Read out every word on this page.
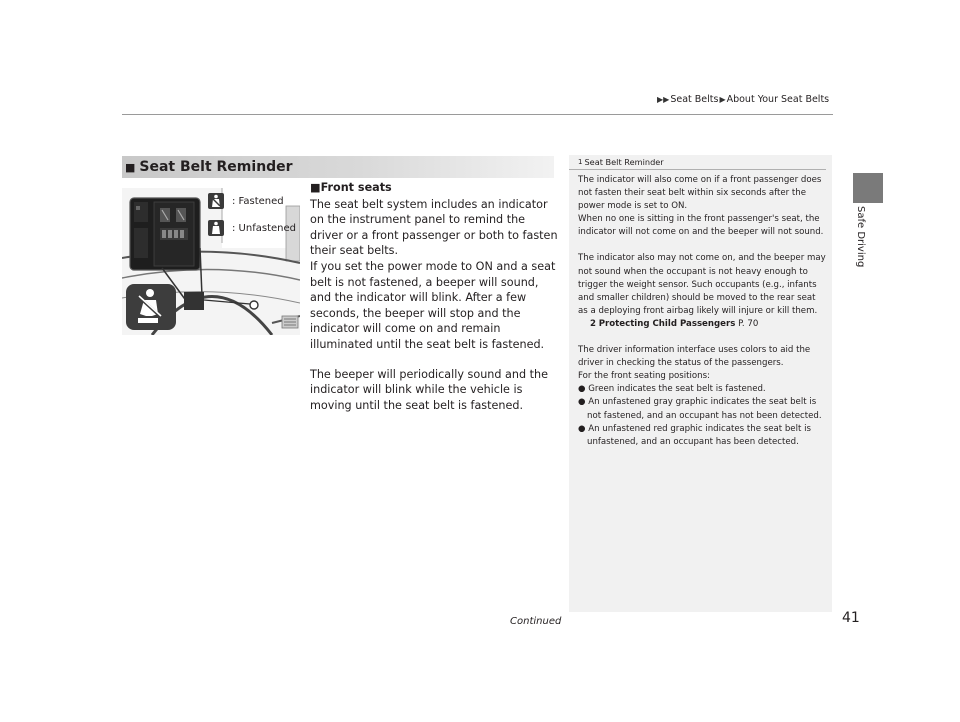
▶▶ Seat Belts ▶ About Your Seat Belts
Safe Driving
■ Seat Belt Reminder
: Fastened
: Unfastened

■Front seats

The seat belt system includes an indicator on the instrument panel to remind the driver or a front passenger or both to fasten their seat belts.

If you set the power mode to ON and a seat belt is not fastened, a beeper will sound, and the indicator will blink. After a few seconds, the beeper will stop and the indicator will come on and remain illuminated until the seat belt is fastened.

The beeper will periodically sound and the indicator will blink while the vehicle is moving until the seat belt is fastened.

1 Seat Belt Reminder

The indicator will also come on if a front passenger does not fasten their seat belt within six seconds after the power mode is set to ON.

When no one is sitting in the front passenger's seat, the indicator will not come on and the beeper will not sound.

The indicator also may not come on, and the beeper may not sound when the occupant is not heavy enough to trigger the weight sensor. Such occupants (e.g., infants and smaller children) should be moved to the rear seat as a deploying front airbag likely will injure or kill them.

2 Protecting Child Passengers P. 70

The driver information interface uses colors to aid the driver in checking the status of the passengers.

For the front seating positions:

● Green indicates the seat belt is fastened.

● An unfastened gray graphic indicates the seat belt is not fastened, and an occupant has not been detected.

● An unfastened red graphic indicates the seat belt is unfastened, and an occupant has been detected.

Continued	41
